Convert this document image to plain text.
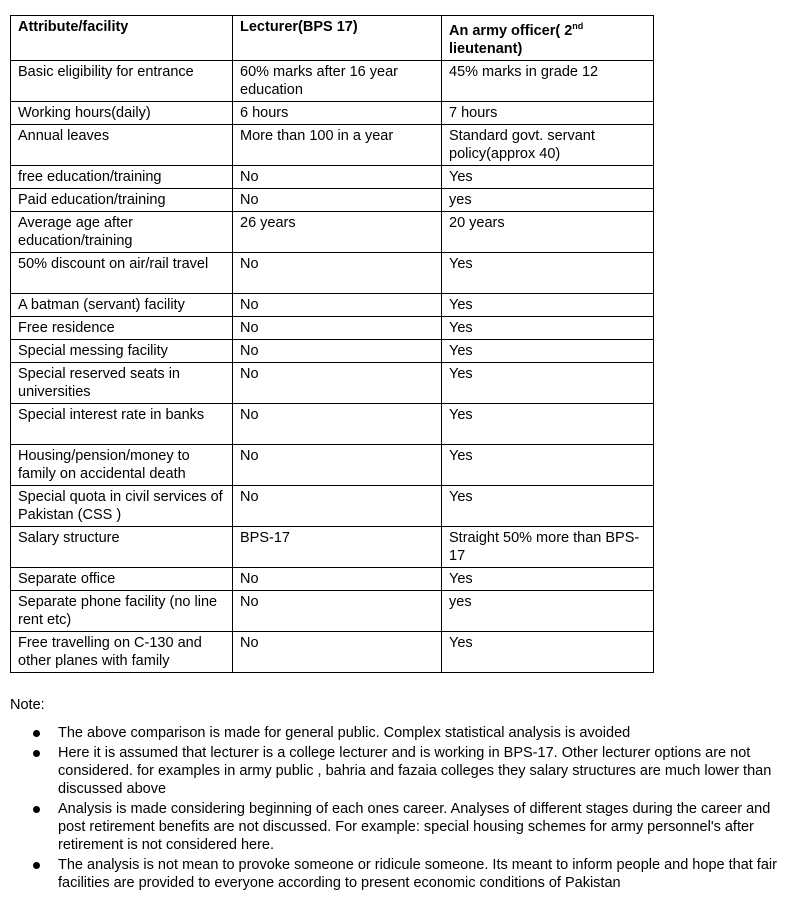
Attribute/facility	Lecturer(BPS 17)	An army officer( 2nd
lieutenant)
Basic eligibility for entrance	60% marks after 16 year education	45% marks in grade 12
Working hours(daily)	6 hours	7 hours
Annual leaves	More than 100 in a year	Standard govt. servant policy(approx 40)
free education/training	No	Yes
Paid education/training	No	yes
Average age after education/training	26 years	20 years
50% discount on air/rail travel	No	Yes
A batman (servant) facility	No	Yes
Free residence	No	Yes
Special messing facility	No	Yes
Special reserved seats in universities	No	Yes
Special interest rate in banks	No	Yes
Housing/pension/money to family on accidental death	No	Yes
Special quota in civil services of Pakistan (CSS )	No	Yes
Salary structure	BPS-17	Straight 50% more than BPS-17
Separate office	No	Yes
Separate phone facility (no line rent etc)	No	yes
Free travelling on C-130 and other planes with family	No	Yes
Note:
The above comparison is made for general public. Complex statistical analysis is avoided
Here it is assumed that lecturer is a college lecturer and is working in BPS-17. Other lecturer options are not considered. for examples in army public , bahria and fazaia colleges they salary structures are much lower than discussed above
Analysis is made considering beginning of each ones career. Analyses of different stages during the career and post retirement benefits are not discussed. For example: special housing schemes for army personnel's after retirement is not considered here.
The analysis is not mean to provoke someone or ridicule someone. Its meant to inform people and hope that fair facilities are provided to everyone according to present economic conditions of Pakistan
